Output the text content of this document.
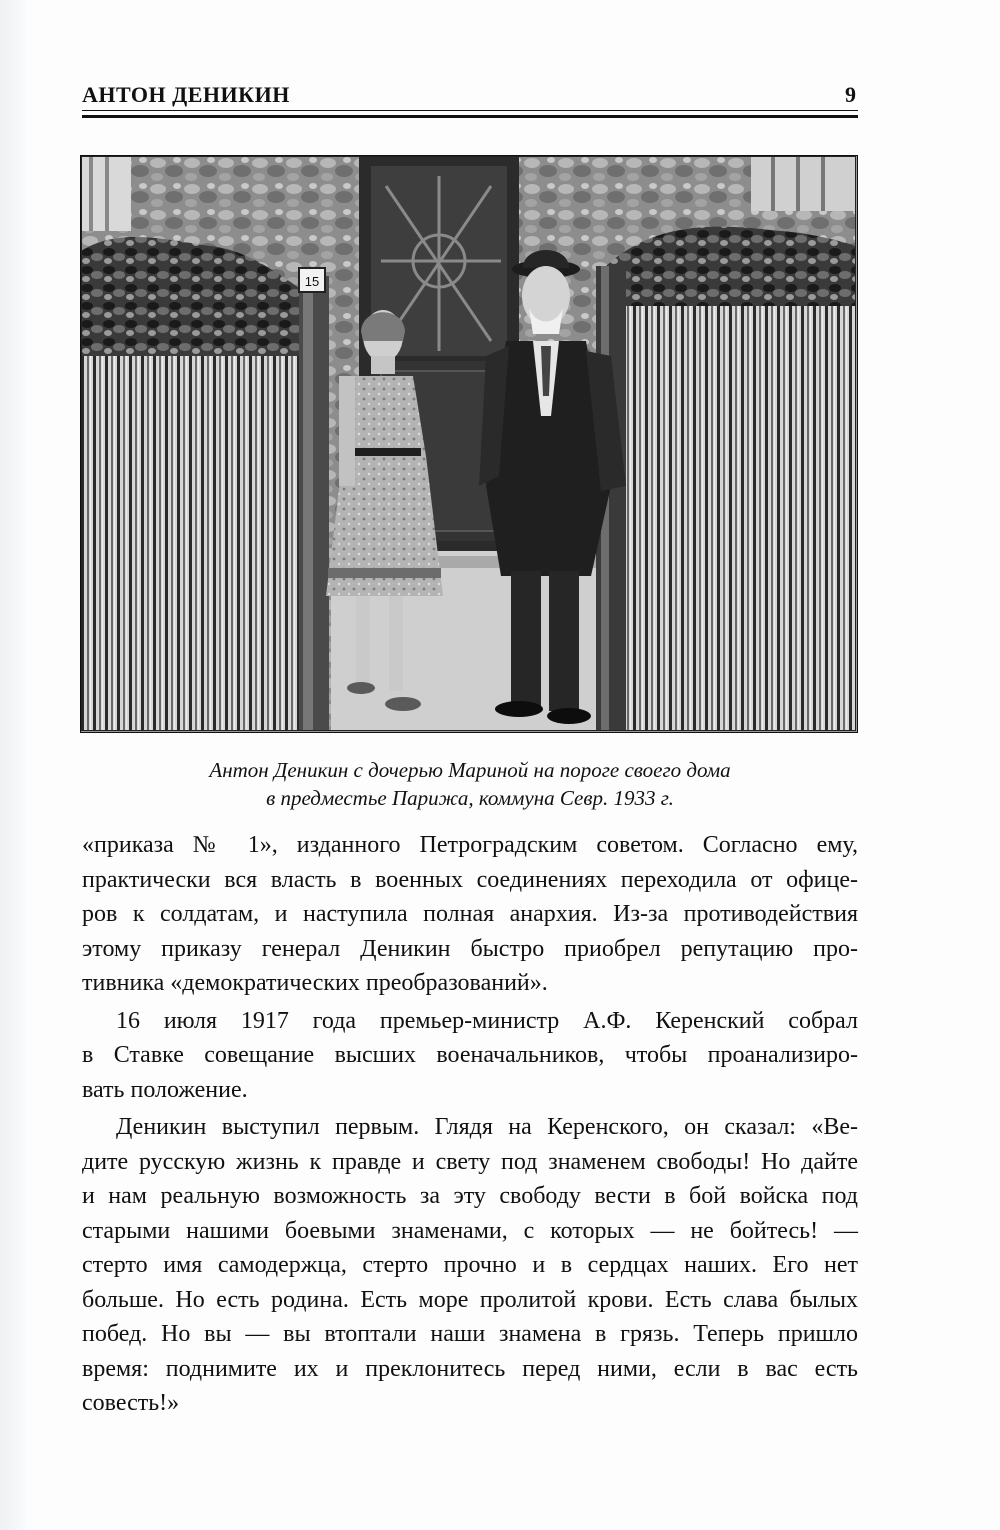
АНТОН ДЕНИКИН	9
15
Антон Деникин с дочерью Мариной на пороге своего дома
в предместье Парижа, коммуна Севр. 1933 г.
«приказа № 1», изданного Петроградским советом. Согласно ему,
практически вся власть в военных соединениях переходила от офице-
ров к солдатам, и наступила полная анархия. Из-за противодействия
этому приказу генерал Деникин быстро приобрел репутацию про-
тивника «демократических преобразований».
16 июля 1917 года премьер-министр А.Ф. Керенский собрал
в Ставке совещание высших военачальников, чтобы проанализиро-
вать положение.
Деникин выступил первым. Глядя на Керенского, он сказал: «Ве-
дите русскую жизнь к правде и свету под знаменем свободы! Но дайте
и нам реальную возможность за эту свободу вести в бой войска под
старыми нашими боевыми знаменами, с которых — не бойтесь! —
стерто имя самодержца, стерто прочно и в сердцах наших. Его нет
больше. Но есть родина. Есть море пролитой крови. Есть слава былых
побед. Но вы — вы втоптали наши знамена в грязь. Теперь пришло
время: поднимите их и преклонитесь перед ними, если в вас есть
совесть!»
